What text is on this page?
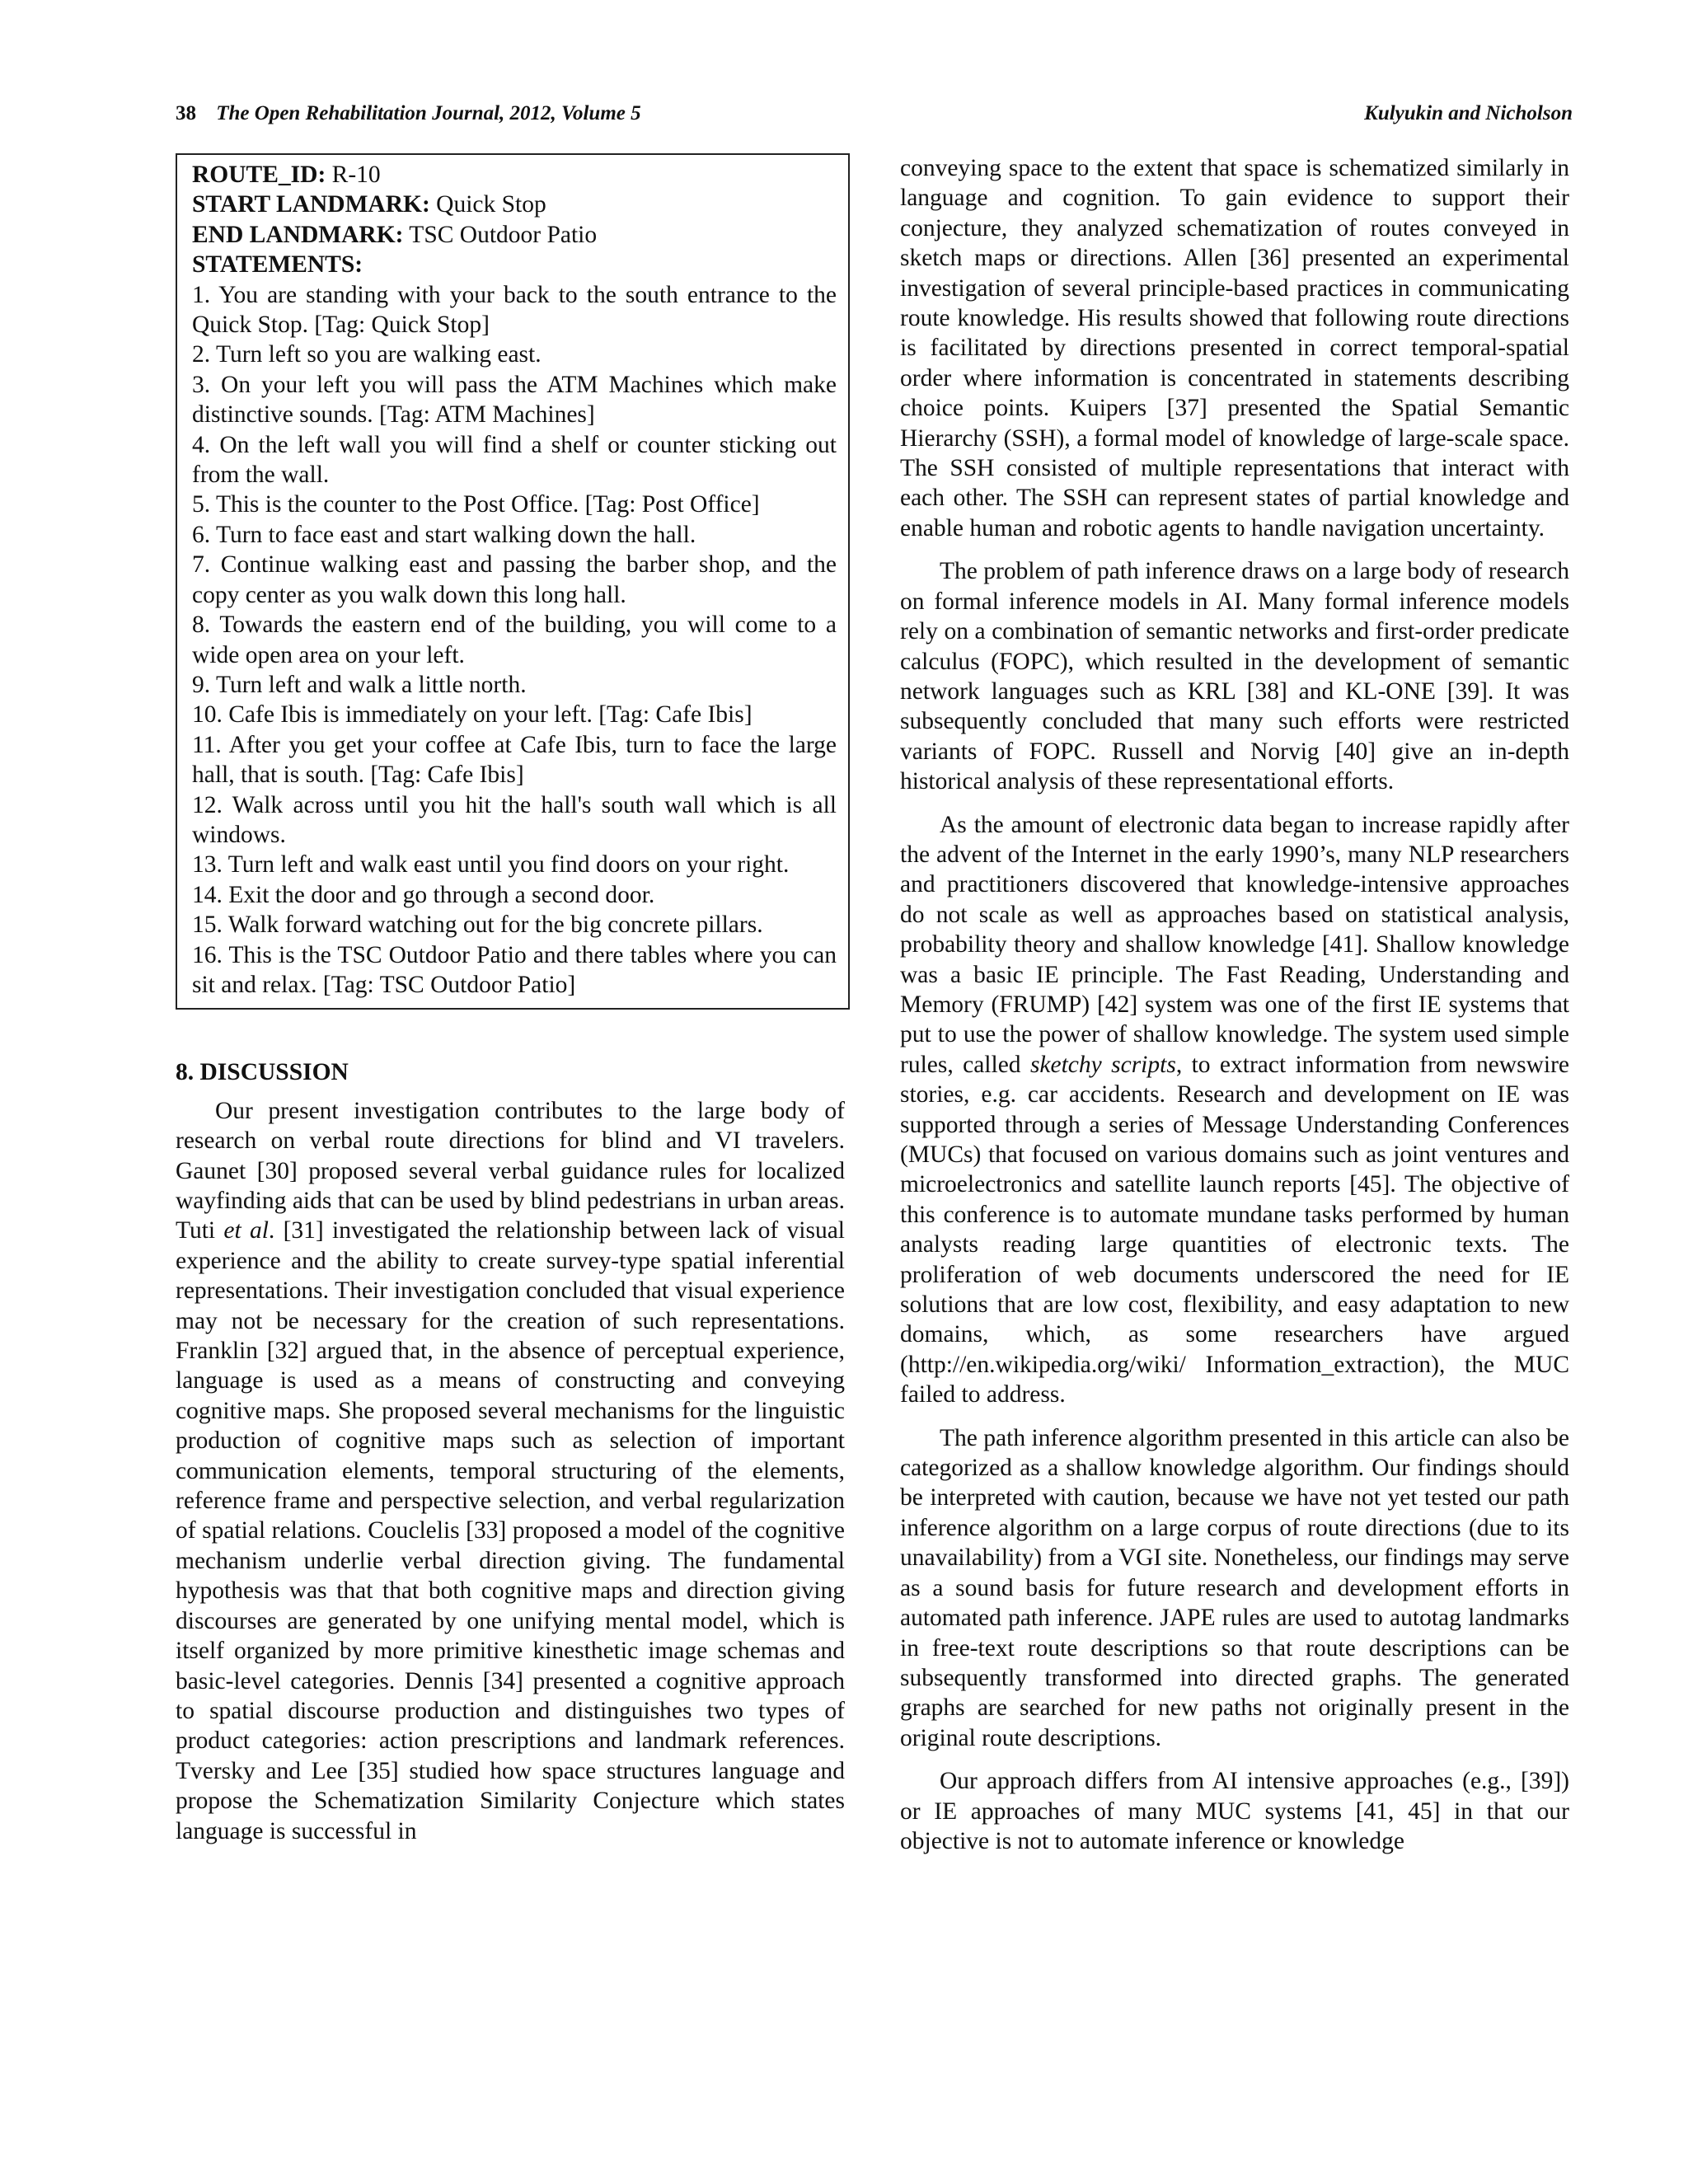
38 The Open Rehabilitation Journal, 2012, Volume 5	Kulyukin and Nicholson
ROUTE_ID: R-10
START LANDMARK: Quick Stop
END LANDMARK: TSC Outdoor Patio
STATEMENTS:
1. You are standing with your back to the south entrance to the Quick Stop. [Tag: Quick Stop]
2. Turn left so you are walking east.
3. On your left you will pass the ATM Machines which make distinctive sounds. [Tag: ATM Machines]
4. On the left wall you will find a shelf or counter sticking out from the wall.
5. This is the counter to the Post Office. [Tag: Post Office]
6. Turn to face east and start walking down the hall.
7. Continue walking east and passing the barber shop, and the copy center as you walk down this long hall.
8. Towards the eastern end of the building, you will come to a wide open area on your left.
9. Turn left and walk a little north.
10. Cafe Ibis is immediately on your left. [Tag: Cafe Ibis]
11. After you get your coffee at Cafe Ibis, turn to face the large hall, that is south. [Tag: Cafe Ibis]
12. Walk across until you hit the hall's south wall which is all windows.
13. Turn left and walk east until you find doors on your right.
14. Exit the door and go through a second door.
15. Walk forward watching out for the big concrete pillars.
16. This is the TSC Outdoor Patio and there tables where you can sit and relax. [Tag: TSC Outdoor Patio]
8. DISCUSSION

Our present investigation contributes to the large body of research on verbal route directions for blind and VI travelers. Gaunet [30] proposed several verbal guidance rules for localized wayfinding aids that can be used by blind pedestrians in urban areas. Tuti et al. [31] investigated the relationship between lack of visual experience and the ability to create survey-type spatial inferential representations. Their investigation concluded that visual experience may not be necessary for the creation of such representations. Franklin [32] argued that, in the absence of perceptual experience, language is used as a means of constructing and conveying cognitive maps. She proposed several mechanisms for the linguistic production of cognitive maps such as selection of important communication elements, temporal structuring of the elements, reference frame and perspective selection, and verbal regularization of spatial relations. Couclelis [33] proposed a model of the cognitive mechanism underlie verbal direction giving. The fundamental hypothesis was that that both cognitive maps and direction giving discourses are generated by one unifying mental model, which is itself organized by more primitive kinesthetic image schemas and basic-level categories. Dennis [34] presented a cognitive approach to spatial discourse production and distinguishes two types of product categories: action prescriptions and landmark references. Tversky and Lee [35] studied how space structures language and propose the Schematization Similarity Conjecture which states language is successful in

conveying space to the extent that space is schematized similarly in language and cognition. To gain evidence to support their conjecture, they analyzed schematization of routes conveyed in sketch maps or directions. Allen [36] presented an experimental investigation of several principle-based practices in communicating route knowledge. His results showed that following route directions is facilitated by directions presented in correct temporal-spatial order where information is concentrated in statements describing choice points. Kuipers [37] presented the Spatial Semantic Hierarchy (SSH), a formal model of knowledge of large-scale space. The SSH consisted of multiple representations that interact with each other. The SSH can represent states of partial knowledge and enable human and robotic agents to handle navigation uncertainty.

The problem of path inference draws on a large body of research on formal inference models in AI. Many formal inference models rely on a combination of semantic networks and first-order predicate calculus (FOPC), which resulted in the development of semantic network languages such as KRL [38] and KL-ONE [39]. It was subsequently concluded that many such efforts were restricted variants of FOPC. Russell and Norvig [40] give an in-depth historical analysis of these representational efforts.

As the amount of electronic data began to increase rapidly after the advent of the Internet in the early 1990’s, many NLP researchers and practitioners discovered that knowledge-intensive approaches do not scale as well as approaches based on statistical analysis, probability theory and shallow knowledge [41]. Shallow knowledge was a basic IE principle. The Fast Reading, Understanding and Memory (FRUMP) [42] system was one of the first IE systems that put to use the power of shallow knowledge. The system used simple rules, called sketchy scripts, to extract information from newswire stories, e.g. car accidents. Research and development on IE was supported through a series of Message Understanding Conferences (MUCs) that focused on various domains such as joint ventures and microelectronics and satellite launch reports [45]. The objective of this conference is to automate mundane tasks performed by human analysts reading large quantities of electronic texts. The proliferation of web documents underscored the need for IE solutions that are low cost, flexibility, and easy adaptation to new domains, which, as some researchers have argued (http://en.wikipedia.org/wiki/ Information_extraction), the MUC failed to address.

The path inference algorithm presented in this article can also be categorized as a shallow knowledge algorithm. Our findings should be interpreted with caution, because we have not yet tested our path inference algorithm on a large corpus of route directions (due to its unavailability) from a VGI site. Nonetheless, our findings may serve as a sound basis for future research and development efforts in automated path inference. JAPE rules are used to autotag landmarks in free-text route descriptions so that route descriptions can be subsequently transformed into directed graphs. The generated graphs are searched for new paths not originally present in the original route descriptions.

Our approach differs from AI intensive approaches (e.g., [39]) or IE approaches of many MUC systems [41, 45] in that our objective is not to automate inference or knowledge
